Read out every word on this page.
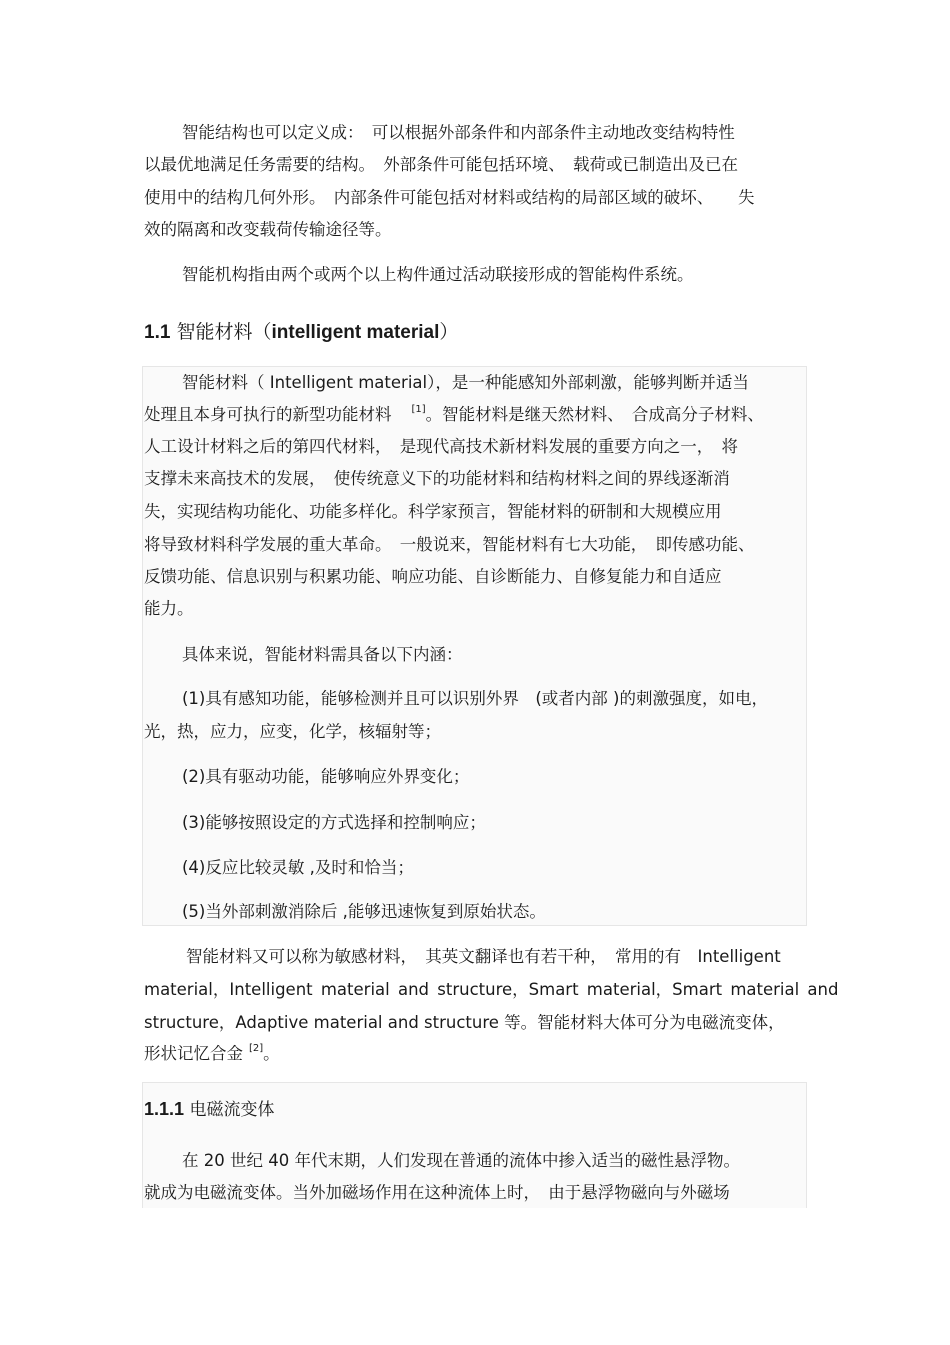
智能结构也可以定义成：　可以根据外部条件和内部条件主动地改变结构特性
以最优地满足任务需要的结构。　外部条件可能包括环境、　载荷或已制造出及已在
使用中的结构几何外形。　内部条件可能包括对材料或结构的局部区域的破坏、　　失
效的隔离和改变载荷传输途径等。
智能机构指由两个或两个以上构件通过活动联接形成的智能构件系统。
1.1 智能材料（intelligent material）
智能材料（ Intelligent material），是一种能感知外部刺激，能够判断并适当
处理且本身可执行的新型功能材料 [1]。智能材料是继天然材料、　合成高分子材料、
人工设计材料之后的第四代材料，　是现代高技术新材料发展的重要方向之一，　将
支撑未来高技术的发展，　使传统意义下的功能材料和结构材料之间的界线逐渐消
失，实现结构功能化、功能多样化。科学家预言，智能材料的研制和大规模应用
将导致材料科学发展的重大革命。　一般说来，智能材料有七大功能，　即传感功能、
反馈功能、信息识别与积累功能、响应功能、自诊断能力、自修复能力和自适应
能力。
具体来说，智能材料需具备以下内涵：
(1)具有感知功能，能够检测并且可以识别外界　(或者内部 )的刺激强度，如电，
光，热，应力，应变，化学，核辐射等；
(2)具有驱动功能，能够响应外界变化；
(3)能够按照设定的方式选择和控制响应；
(4)反应比较灵敏 ,及时和恰当；
(5)当外部刺激消除后 ,能够迅速恢复到原始状态。
智能材料又可以称为敏感材料，　其英文翻译也有若干种，　常用的有　Intelligent
material，Intelligent material and structure，Smart material，Smart material and
structure，Adaptive material and structure 等。智能材料大体可分为电磁流变体，
形状记忆合金 [2]。
1.1.1 电磁流变体
在 20 世纪 40 年代末期，人们发现在普通的流体中掺入适当的磁性悬浮物。
就成为电磁流变体。当外加磁场作用在这种流体上时，　由于悬浮物磁向与外磁场
